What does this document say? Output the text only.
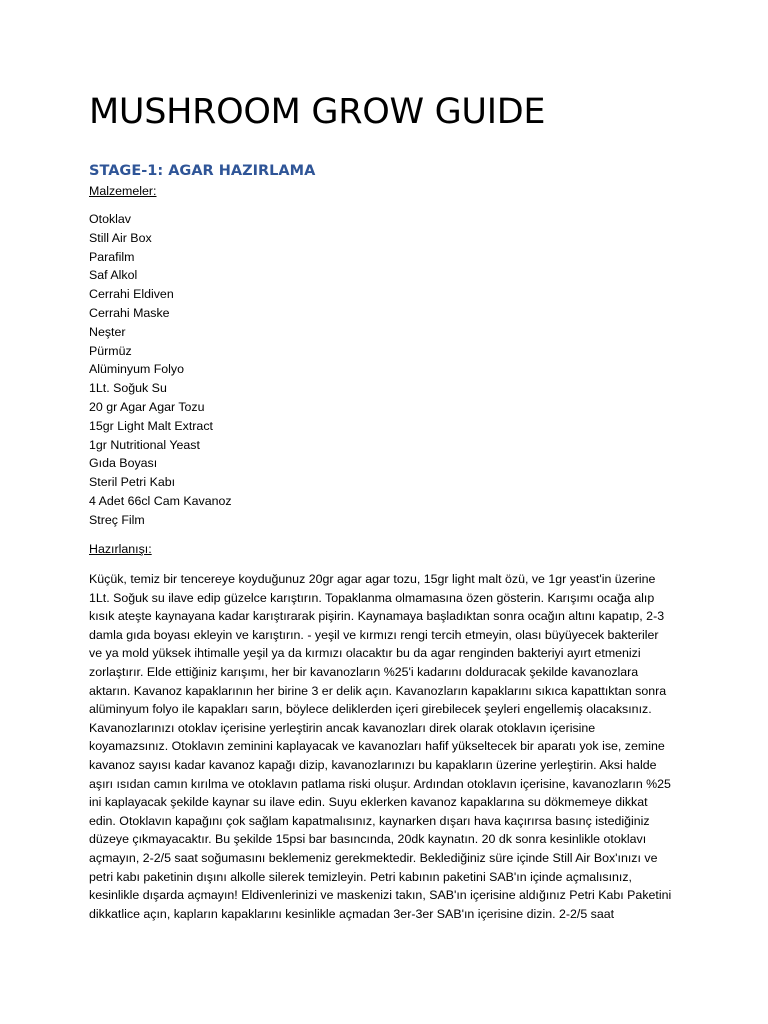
MUSHROOM GROW GUIDE
STAGE-1: AGAR HAZIRLAMA

Malzemeler:

Otoklav
Still Air Box
Parafilm
Saf Alkol
Cerrahi Eldiven
Cerrahi Maske
Neşter
Pürmüz
Alüminyum Folyo
1Lt. Soğuk Su
20 gr Agar Agar Tozu
15gr Light Malt Extract
1gr Nutritional Yeast
Gıda Boyası
Steril Petri Kabı
4 Adet 66cl Cam Kavanoz
Streç Film

Hazırlanışı:

Küçük, temiz bir tencereye koyduğunuz 20gr agar agar tozu, 15gr light malt özü, ve 1gr yeast'in üzerine
1Lt. Soğuk su ilave edip güzelce karıştırın. Topaklanma olmamasına özen gösterin. Karışımı ocağa alıp
kısık ateşte kaynayana kadar karıştırarak pişirin. Kaynamaya başladıktan sonra ocağın altını kapatıp, 2-3
damla gıda boyası ekleyin ve karıştırın. - yeşil ve kırmızı rengi tercih etmeyin, olası büyüyecek bakteriler
ve ya mold yüksek ihtimalle yeşil ya da kırmızı olacaktır bu da agar renginden bakteriyi ayırt etmenizi
zorlaştırır. Elde ettiğiniz karışımı, her bir kavanozların %25'i kadarını dolduracak şekilde kavanozlara
aktarın. Kavanoz kapaklarının her birine 3 er delik açın. Kavanozların kapaklarını sıkıca kapattıktan sonra
alüminyum folyo ile kapakları sarın, böylece deliklerden içeri girebilecek şeyleri engellemiş olacaksınız.
Kavanozlarınızı otoklav içerisine yerleştirin ancak kavanozları direk olarak otoklavın içerisine
koyamazsınız. Otoklavın zeminini kaplayacak ve kavanozları hafif yükseltecek bir aparatı yok ise, zemine
kavanoz sayısı kadar kavanoz kapağı dizip, kavanozlarınızı bu kapakların üzerine yerleştirin. Aksi halde
aşırı ısıdan camın kırılma ve otoklavın patlama riski oluşur. Ardından otoklavın içerisine, kavanozların %25
ini kaplayacak şekilde kaynar su ilave edin. Suyu eklerken kavanoz kapaklarına su dökmemeye dikkat
edin. Otoklavın kapağını çok sağlam kapatmalısınız, kaynarken dışarı hava kaçırırsa basınç istediğiniz
düzeye çıkmayacaktır. Bu şekilde 15psi bar basıncında, 20dk kaynatın. 20 dk sonra kesinlikle otoklavı
açmayın, 2-2/5 saat soğumasını beklemeniz gerekmektedir. Beklediğiniz süre içinde Still Air Box'ınızı ve
petri kabı paketinin dışını alkolle silerek temizleyin. Petri kabının paketini SAB'ın içinde açmalısınız,
kesinlikle dışarda açmayın! Eldivenlerinizi ve maskenizi takın, SAB'ın içerisine aldığınız Petri Kabı Paketini
dikkatlice açın, kapların kapaklarını kesinlikle açmadan 3er-3er SAB'ın içerisine dizin. 2-2/5 saat
